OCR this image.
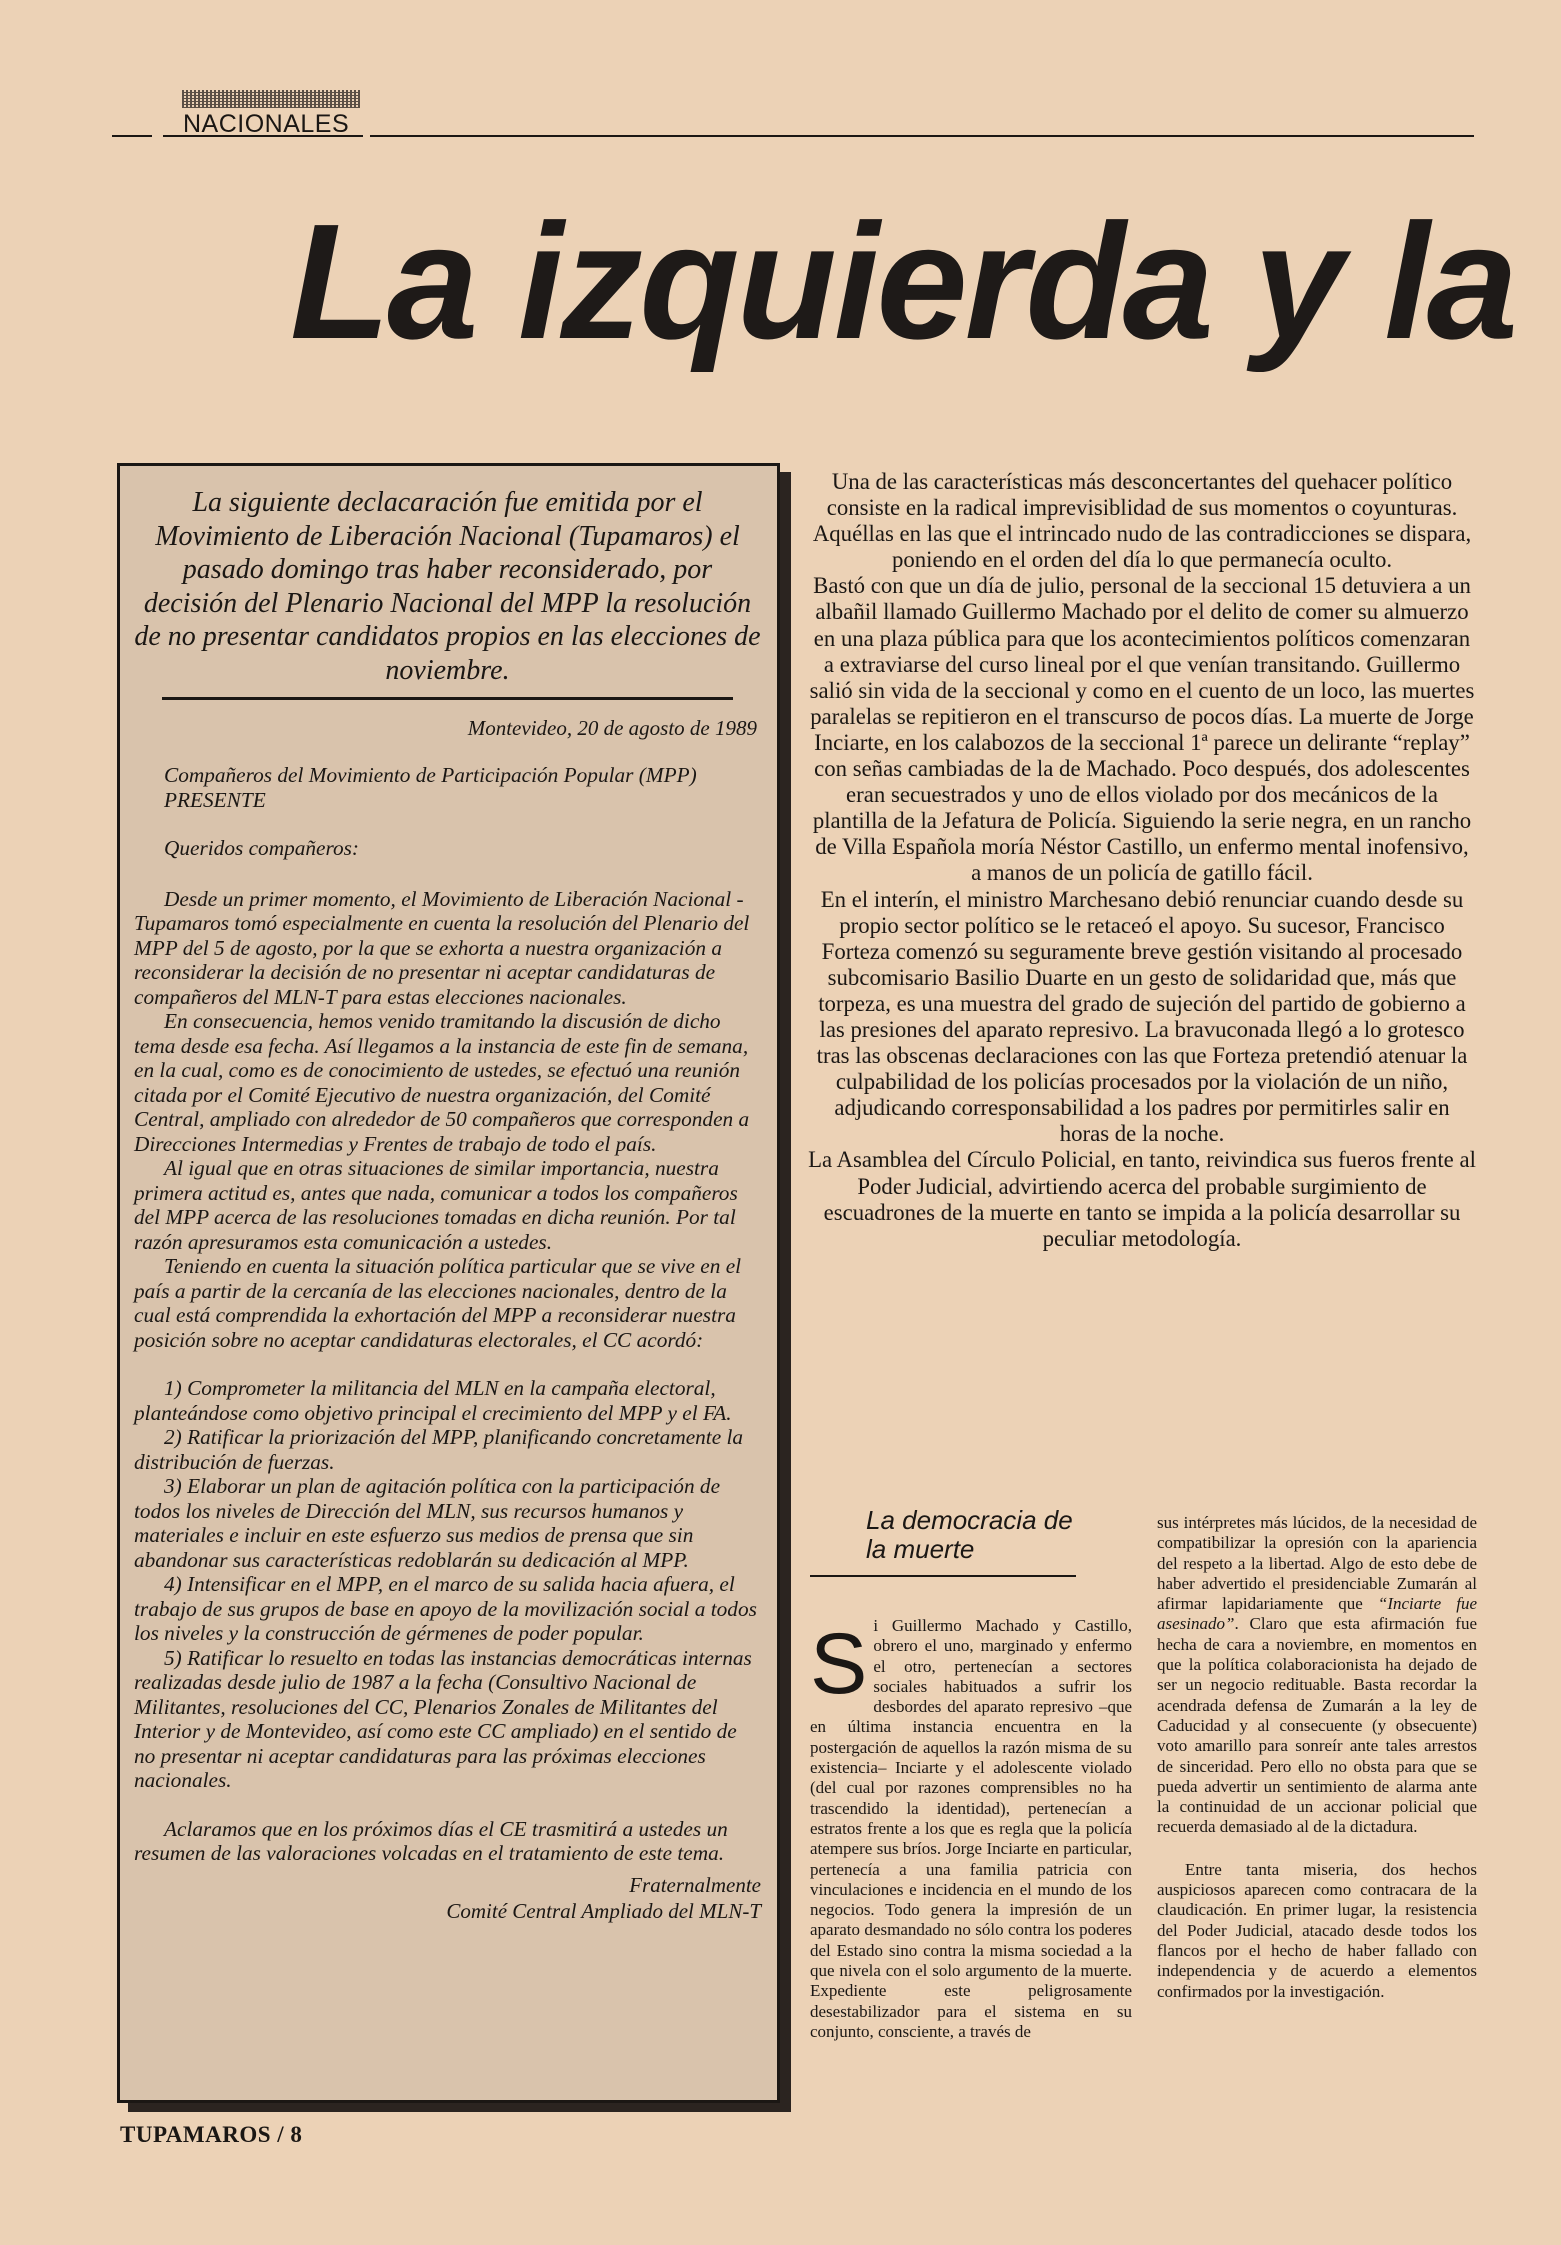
NACIONALES
La izquierda y la

La siguiente declacaración fue emitida por el Movimiento de Liberación Nacional (Tupamaros) el pasado domingo tras haber reconsiderado, por decisión del Plenario Nacional del MPP la resolución de no presentar candidatos propios en las elecciones de noviembre.

Montevideo, 20 de agosto de 1989

Compañeros del Movimiento de Participación Popular (MPP) PRESENTE

Queridos compañeros:

Desde un primer momento, el Movimiento de Liberación Nacional - Tupamaros tomó especialmente en cuenta la resolución del Plenario del MPP del 5 de agosto, por la que se exhorta a nuestra organización a reconsiderar la decisión de no presentar ni aceptar candidaturas de compañeros del MLN-T para estas elecciones nacionales.

En consecuencia, hemos venido tramitando la discusión de dicho tema desde esa fecha. Así llegamos a la instancia de este fin de semana, en la cual, como es de conocimiento de ustedes, se efectuó una reunión citada por el Comité Ejecutivo de nuestra organización, del Comité Central, ampliado con alrededor de 50 compañeros que corresponden a Direcciones Intermedias y Frentes de trabajo de todo el país.

Al igual que en otras situaciones de similar importancia, nuestra primera actitud es, antes que nada, comunicar a todos los compañeros del MPP acerca de las resoluciones tomadas en dicha reunión. Por tal razón apresuramos esta comunicación a ustedes.

Teniendo en cuenta la situación política particular que se vive en el país a partir de la cercanía de las elecciones nacionales, dentro de la cual está comprendida la exhortación del MPP a reconsiderar nuestra posición sobre no aceptar candidaturas electorales, el CC acordó:

1) Comprometer la militancia del MLN en la campaña electoral, planteándose como objetivo principal el crecimiento del MPP y el FA.

2) Ratificar la priorización del MPP, planificando concretamente la distribución de fuerzas.

3) Elaborar un plan de agitación política con la participación de todos los niveles de Dirección del MLN, sus recursos humanos y materiales e incluir en este esfuerzo sus medios de prensa que sin abandonar sus características redoblarán su dedicación al MPP.

4) Intensificar en el MPP, en el marco de su salida hacia afuera, el trabajo de sus grupos de base en apoyo de la movilización social a todos los niveles y la construcción de gérmenes de poder popular.

5) Ratificar lo resuelto en todas las instancias democráticas internas realizadas desde julio de 1987 a la fecha (Consultivo Nacional de Militantes, resoluciones del CC, Plenarios Zonales de Militantes del Interior y de Montevideo, así como este CC ampliado) en el sentido de no presentar ni aceptar candidaturas para las próximas elecciones nacionales.

Aclaramos que en los próximos días el CE trasmitirá a ustedes un resumen de las valoraciones volcadas en el tratamiento de este tema.

Fraternalmente
Comité Central Ampliado del MLN-T

Una de las características más desconcertantes del quehacer político consiste en la radical imprevisiblidad de sus momentos o coyunturas. Aquéllas en las que el intrincado nudo de las contradicciones se dispara, poniendo en el orden del día lo que permanecía oculto.

Bastó con que un día de julio, personal de la seccional 15 detuviera a un albañil llamado Guillermo Machado por el delito de comer su almuerzo en una plaza pública para que los acontecimientos políticos comenzaran a extraviarse del curso lineal por el que venían transitando. Guillermo salió sin vida de la seccional y como en el cuento de un loco, las muertes paralelas se repitieron en el transcurso de pocos días. La muerte de Jorge Inciarte, en los calabozos de la seccional 1ª parece un delirante “replay” con señas cambiadas de la de Machado. Poco después, dos adolescentes eran secuestrados y uno de ellos violado por dos mecánicos de la plantilla de la Jefatura de Policía. Siguiendo la serie negra, en un rancho de Villa Española moría Néstor Castillo, un enfermo mental inofensivo, a manos de un policía de gatillo fácil.

En el interín, el ministro Marchesano debió renunciar cuando desde su propio sector político se le retaceó el apoyo. Su sucesor, Francisco Forteza comenzó su seguramente breve gestión visitando al procesado subcomisario Basilio Duarte en un gesto de solidaridad que, más que torpeza, es una muestra del grado de sujeción del partido de gobierno a las presiones del aparato represivo. La bravuconada llegó a lo grotesco tras las obscenas declaraciones con las que Forteza pretendió atenuar la culpabilidad de los policías procesados por la violación de un niño, adjudicando corresponsabilidad a los padres por permitirles salir en horas de la noche.

La Asamblea del Círculo Policial, en tanto, reivindica sus fueros frente al Poder Judicial, advirtiendo acerca del probable surgimiento de escuadrones de la muerte en tanto se impida a la policía desarrollar su peculiar metodología.

La democracia de la muerte
S i Guillermo Machado y Castillo, obrero el uno, marginado y enfermo el otro, pertenecían a sectores sociales habituados a sufrir los desbordes del aparato represivo –que en última instancia encuentra en la postergación de aquellos la razón misma de su existencia– Inciarte y el adolescente violado (del cual por razones comprensibles no ha trascendido la identidad), pertenecían a estratos frente a los que es regla que la policía atempere sus bríos. Jorge Inciarte en particular, pertenecía a una familia patricia con vinculaciones e incidencia en el mundo de los negocios. Todo genera la impresión de un aparato desmandado no sólo contra los poderes del Estado sino contra la misma sociedad a la que nivela con el solo argumento de la muerte. Expediente este peligrosamente desestabilizador para el sistema en su conjunto, consciente, a través de

sus intérpretes más lúcidos, de la necesidad de compatibilizar la opresión con la apariencia del respeto a la libertad. Algo de esto debe de haber advertido el presidenciable Zumarán al afirmar lapidariamente que “Inciarte fue asesinado”. Claro que esta afirmación fue hecha de cara a noviembre, en momentos en que la política colaboracionista ha dejado de ser un negocio redituable. Basta recordar la acendrada defensa de Zumarán a la ley de Caducidad y al consecuente (y obsecuente) voto amarillo para sonreír ante tales arrestos de sinceridad. Pero ello no obsta para que se pueda advertir un sentimiento de alarma ante la continuidad de un accionar policial que recuerda demasiado al de la dictadura.

Entre tanta miseria, dos hechos auspiciosos aparecen como contracara de la claudicación. En primer lugar, la resistencia del Poder Judicial, atacado desde todos los flancos por el hecho de haber fallado con independencia y de acuerdo a elementos confirmados por la investigación.

TUPAMAROS / 8
